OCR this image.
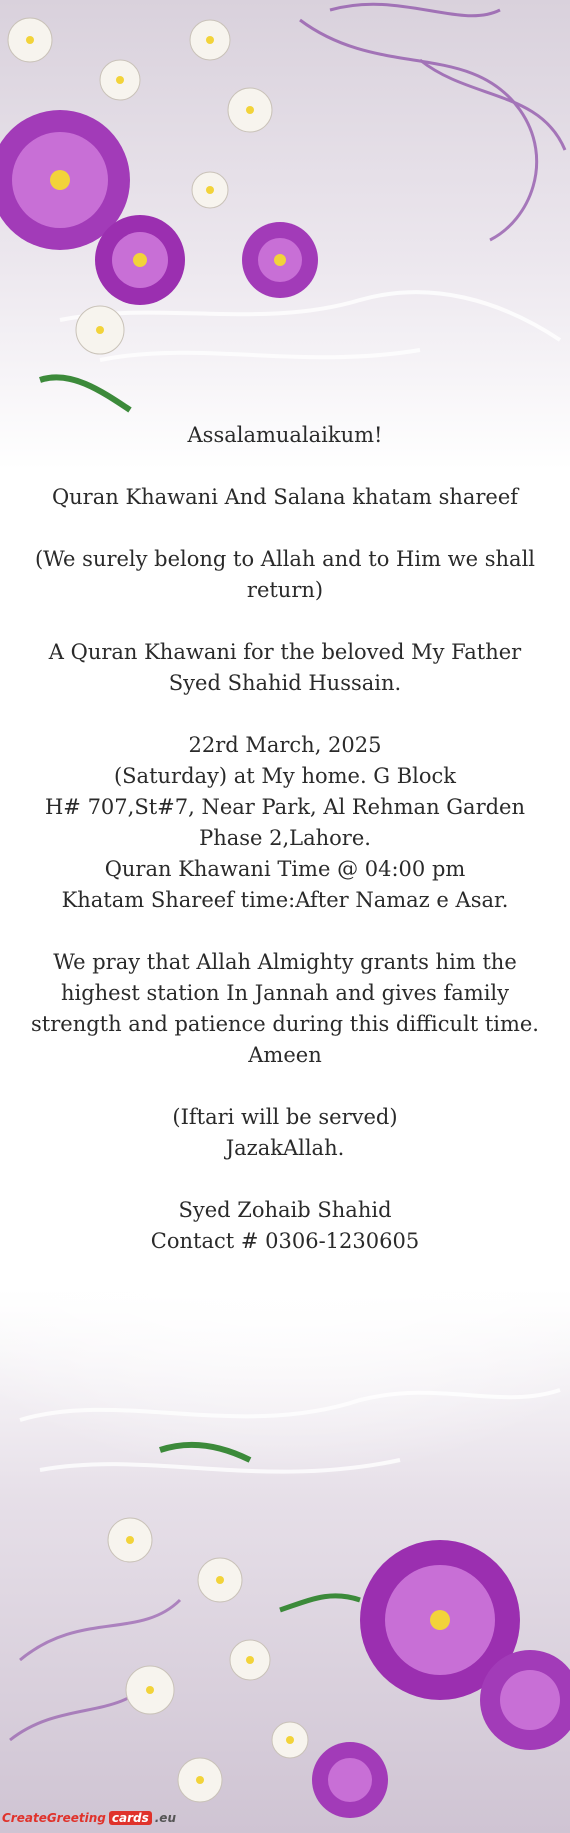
Assalamualaikum!

Quran Khawani And Salana khatam shareef

(We surely belong to Allah and to Him we shall return)

A Quran Khawani for the beloved My Father Syed Shahid Hussain.

22rd March, 2025

(Saturday) at My home. G Block

H# 707,St#7, Near Park, Al Rehman Garden Phase 2,Lahore.

Quran Khawani Time @ 04:00 pm

Khatam Shareef time:After Namaz e Asar.

We pray that Allah Almighty grants him the highest station In Jannah and gives family strength and patience during this difficult time. Ameen

(Iftari will be served)

JazakAllah.

Syed Zohaib Shahid

Contact # 0306-1230605

CreateGreeting cards .eu
